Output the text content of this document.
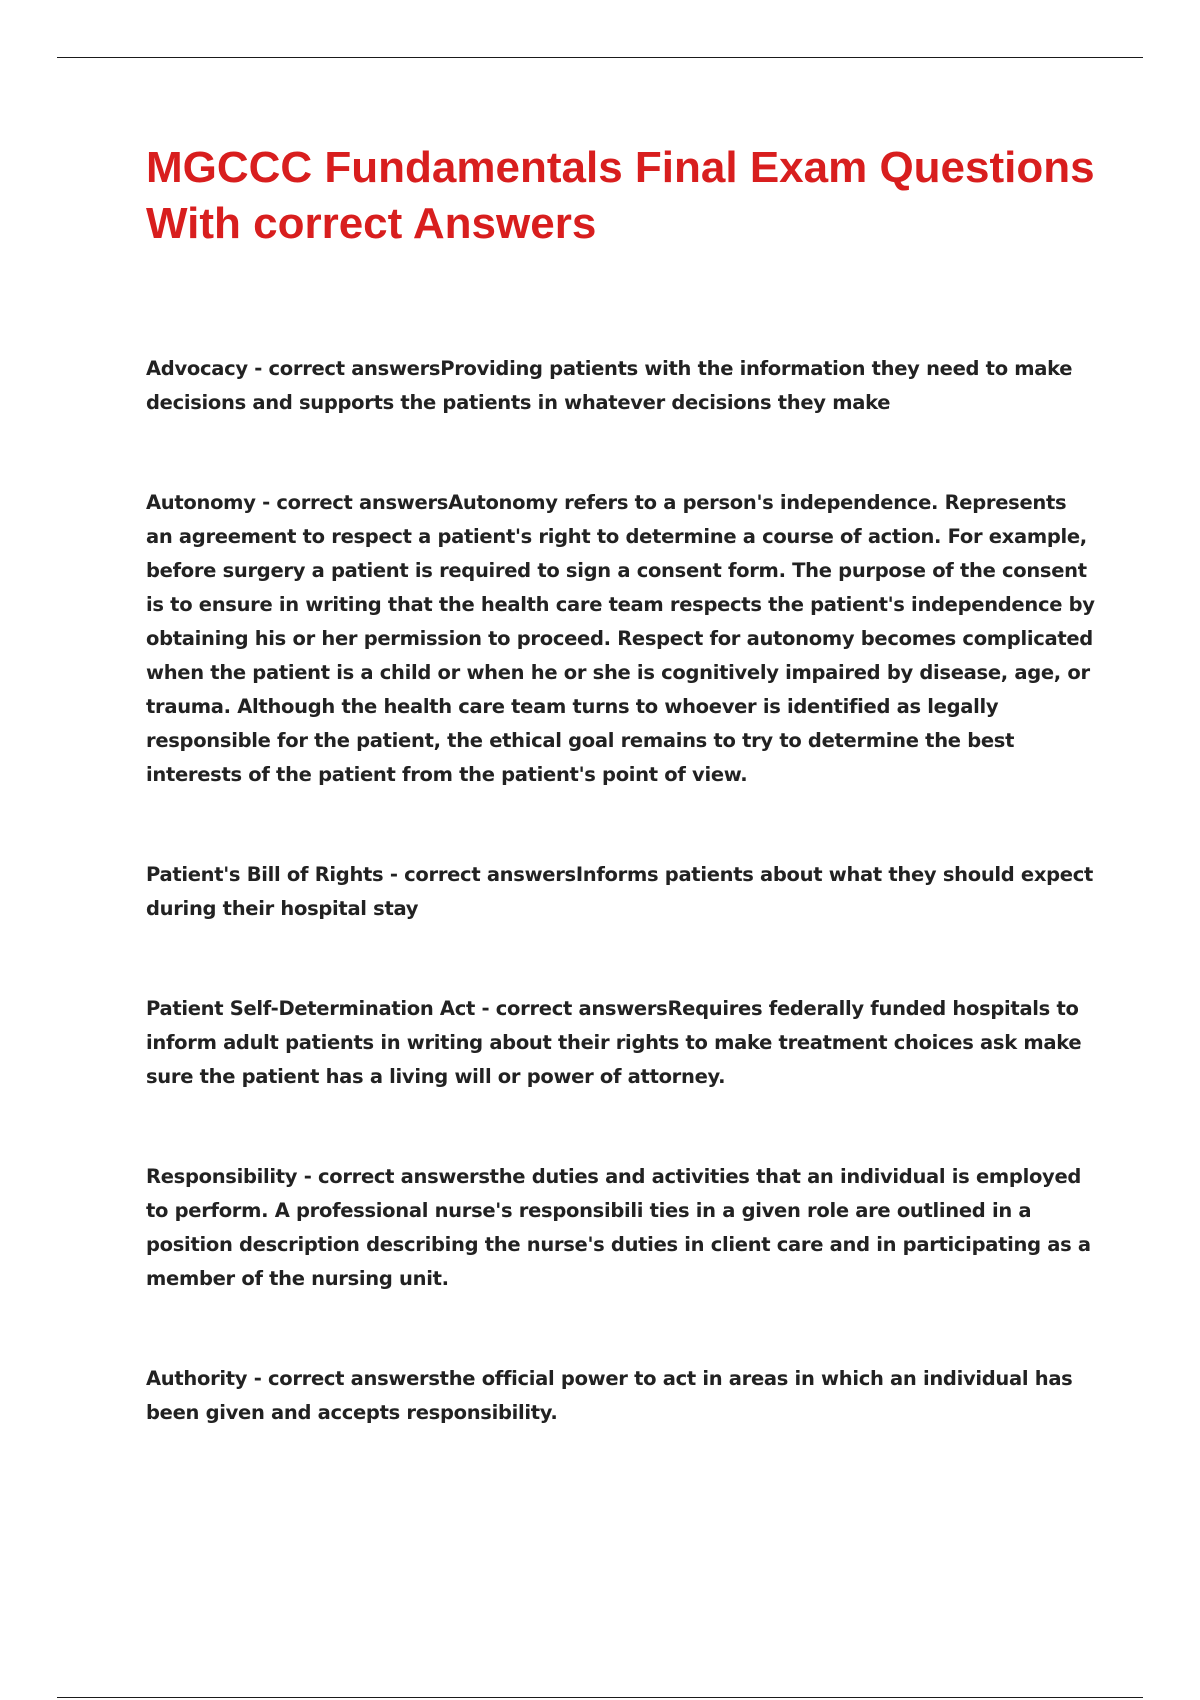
MGCCC Fundamentals Final Exam Questions With correct Answers

Advocacy - correct answersProviding patients with the information they need to make decisions and supports the patients in whatever decisions they make

Autonomy - correct answersAutonomy refers to a person's independence. Represents an agreement to respect a patient's right to determine a course of action. For example, before surgery a patient is required to sign a consent form. The purpose of the consent is to ensure in writing that the health care team respects the patient's independence by obtaining his or her permission to proceed. Respect for autonomy becomes complicated when the patient is a child or when he or she is cognitively impaired by disease, age, or trauma. Although the health care team turns to whoever is identified as legally responsible for the patient, the ethical goal remains to try to determine the best interests of the patient from the patient's point of view.

Patient's Bill of Rights - correct answersInforms patients about what they should expect during their hospital stay

Patient Self-Determination Act - correct answersRequires federally funded hospitals to inform adult patients in writing about their rights to make treatment choices ask make sure the patient has a living will or power of attorney.

Responsibility - correct answersthe duties and activities that an individual is employed to perform. A professional nurse's responsibili ties in a given role are outlined in a position description describing the nurse's duties in client care and in participating as a member of the nursing unit.

Authority - correct answersthe official power to act in areas in which an individual has been given and accepts responsibility.
